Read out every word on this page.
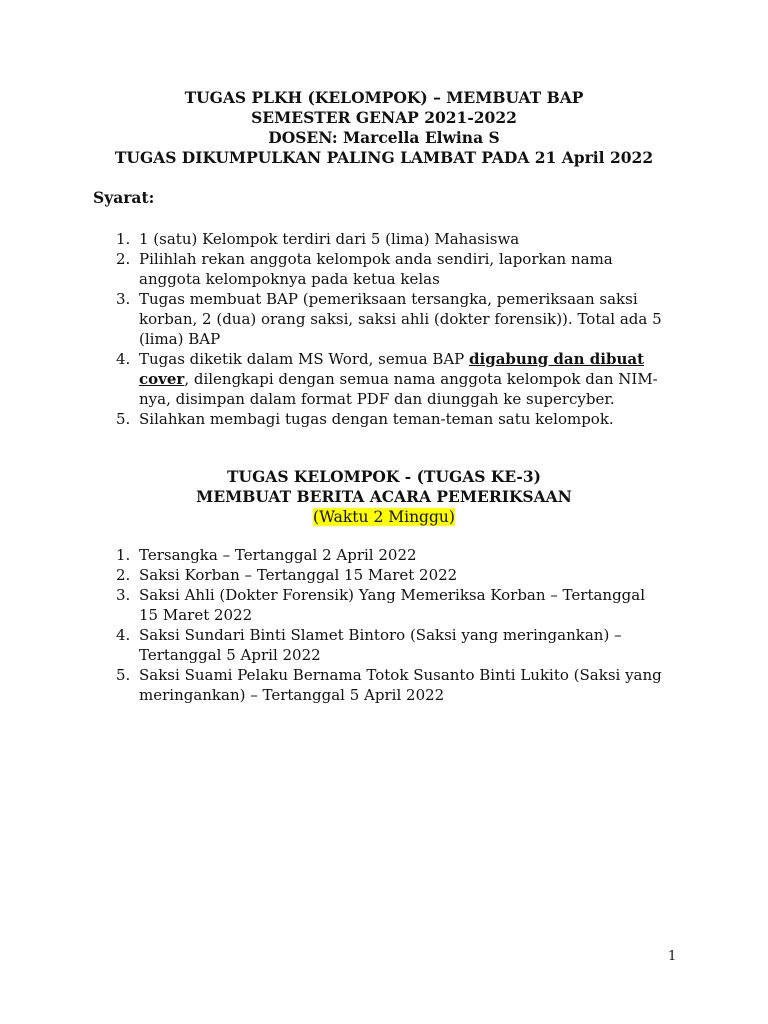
TUGAS PLKH (KELOMPOK) – MEMBUAT BAP
SEMESTER GENAP 2021-2022
DOSEN: Marcella Elwina S
TUGAS DIKUMPULKAN PALING LAMBAT PADA 21 April 2022
Syarat:
1. 1 (satu) Kelompok terdiri dari 5 (lima) Mahasiswa
2. Pilihlah rekan anggota kelompok anda sendiri, laporkan nama
anggota kelompoknya pada ketua kelas
3. Tugas membuat BAP (pemeriksaan tersangka, pemeriksaan saksi
korban, 2 (dua) orang saksi, saksi ahli (dokter forensik)). Total ada 5
(lima) BAP
4. Tugas diketik dalam MS Word, semua BAP digabung dan dibuat
cover, dilengkapi dengan semua nama anggota kelompok dan NIM-
nya, disimpan dalam format PDF dan diunggah ke supercyber.
5. Silahkan membagi tugas dengan teman-teman satu kelompok.
TUGAS KELOMPOK - (TUGAS KE-3)
MEMBUAT BERITA ACARA PEMERIKSAAN
(Waktu 2 Minggu)
1. Tersangka – Tertanggal 2 April 2022
2. Saksi Korban – Tertanggal 15 Maret 2022
3. Saksi Ahli (Dokter Forensik) Yang Memeriksa Korban – Tertanggal
15 Maret 2022
4. Saksi Sundari Binti Slamet Bintoro (Saksi yang meringankan) –
Tertanggal 5 April 2022
5. Saksi Suami Pelaku Bernama Totok Susanto Binti Lukito (Saksi yang
meringankan) – Tertanggal 5 April 2022
1
